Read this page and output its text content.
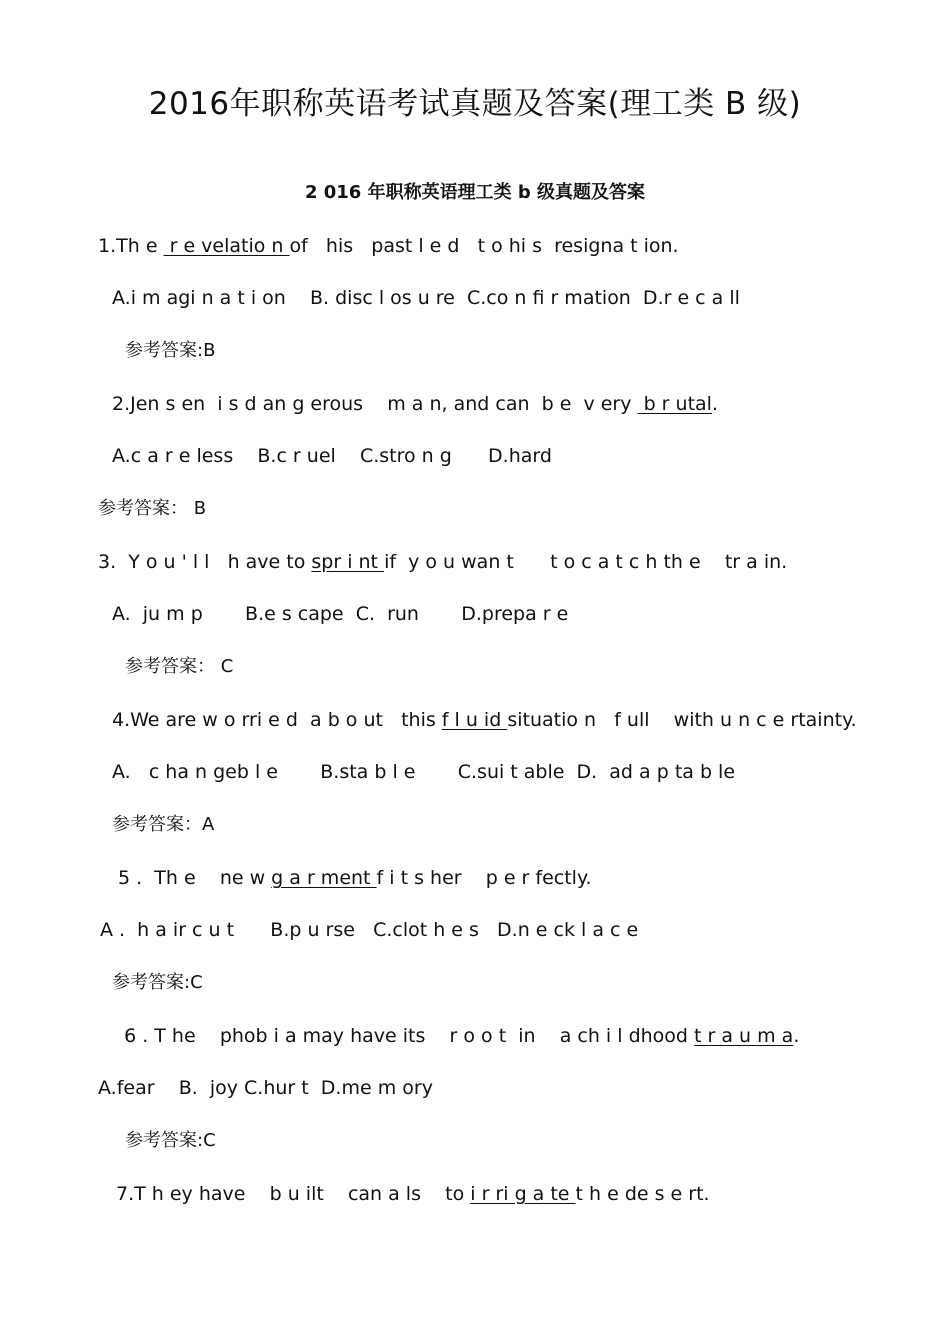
2016年职称英语考试真题及答案(理工类 B 级)
2 016 年职称英语理工类 b 级真题及答案
1.Th e  r e velatio n of   his   past l e d   t o hi s  resigna t ion.
A.i m agi n a t i on    B. disc l os u re  C.co n fi r mation  D.r e c a ll
参考答案:B
2.Jen s en  i s d an g erous    m a n, and can  b e  v ery  b r utal.
A.c a r e less    B.c r uel    C.stro n g      D.hard
参考答案： B
3.  Y o u ' l l   h ave to spr i nt if  y o u wan t      t o c a t c h th e    tr a in.
A.  ju m p       B.e s cape  C.  run       D.prepa r e
参考答案： C
4.We are w o rri e d  a b o ut   this f l u id situatio n   f ull    with u n c e rtainty.
A.   c ha n geb l e       B.sta b l e       C.sui t able  D.  ad a p ta b le
参考答案：A
5 .  Th e    ne w g a r ment f i t s her    p e r fectly.
A .  h a ir c u t      B.p u rse   C.clot h e s   D.n e ck l a c e
参考答案:C
6 . T he    phob i a may have its    r o o t  in    a ch i l dhood t r a u m a.
A.fear    B.  joy C.hur t  D.me m ory
参考答案:C
7.T h ey have    b u ilt    can a ls    to i r ri g a te t h e de s e rt.
